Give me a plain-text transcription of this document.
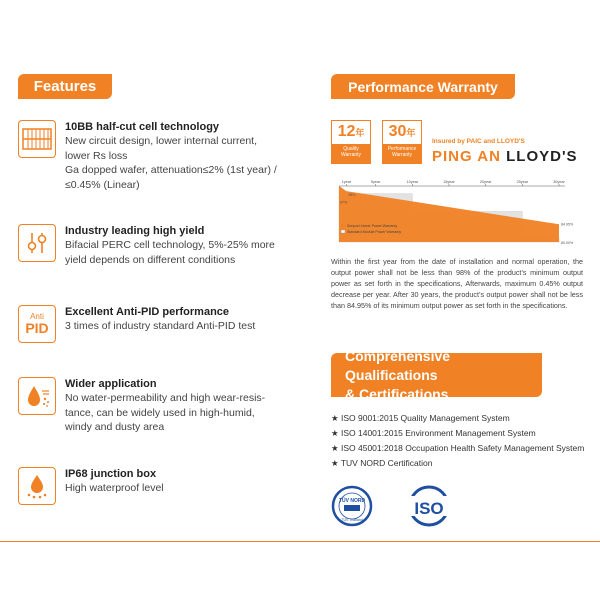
Features	Performance Warranty
10BB half-cut cell technology
New circuit design, lower internal current,
lower Rs loss
Ga dopped wafer, attenuation≤2% (1st year) /
≤0.45% (Linear)
Industry leading high yield
Bifacial PERC cell technology, 5%-25% more
yield depends on different conditions
Anti
PID
Excellent Anti-PID performance
3 times of industry standard Anti-PID test
Wider application
No water-permeability and high wear-resis-
tance, can be widely used in high-humid,
windy and dusty area
IP68 junction box
High waterproof level
12年
Quality
Warranty
30年
Performance
Warranty
Insured by PAIC and LLOYD'S
PING AN LLOYD'S
1year	5year	10year	15year	20year	25year	30year
98%
97%
84.95%
80.00%
Sunport Linear Power Warranty
Standard Module Power Warranty
Within the first year from the date of installation and normal operation, the output power shall not be less than 98% of the product’s minimum output power as set forth in the specifications, Afterwards, maximum 0.45% output decrease per year. After 30 years, the product’s output power shall not be less than 84.95% of its minimum output power as set forth in the specifications.
Comprehensive Qualifications
& Certifications
★ ISO 9001:2015 Quality Management System
★ ISO 14001:2015 Environment Management System
★ ISO 45001:2018 Occupation Health Safety Management System
★ TUV NORD Certification
TÜV NORD
TÜV Thailand
ISO
